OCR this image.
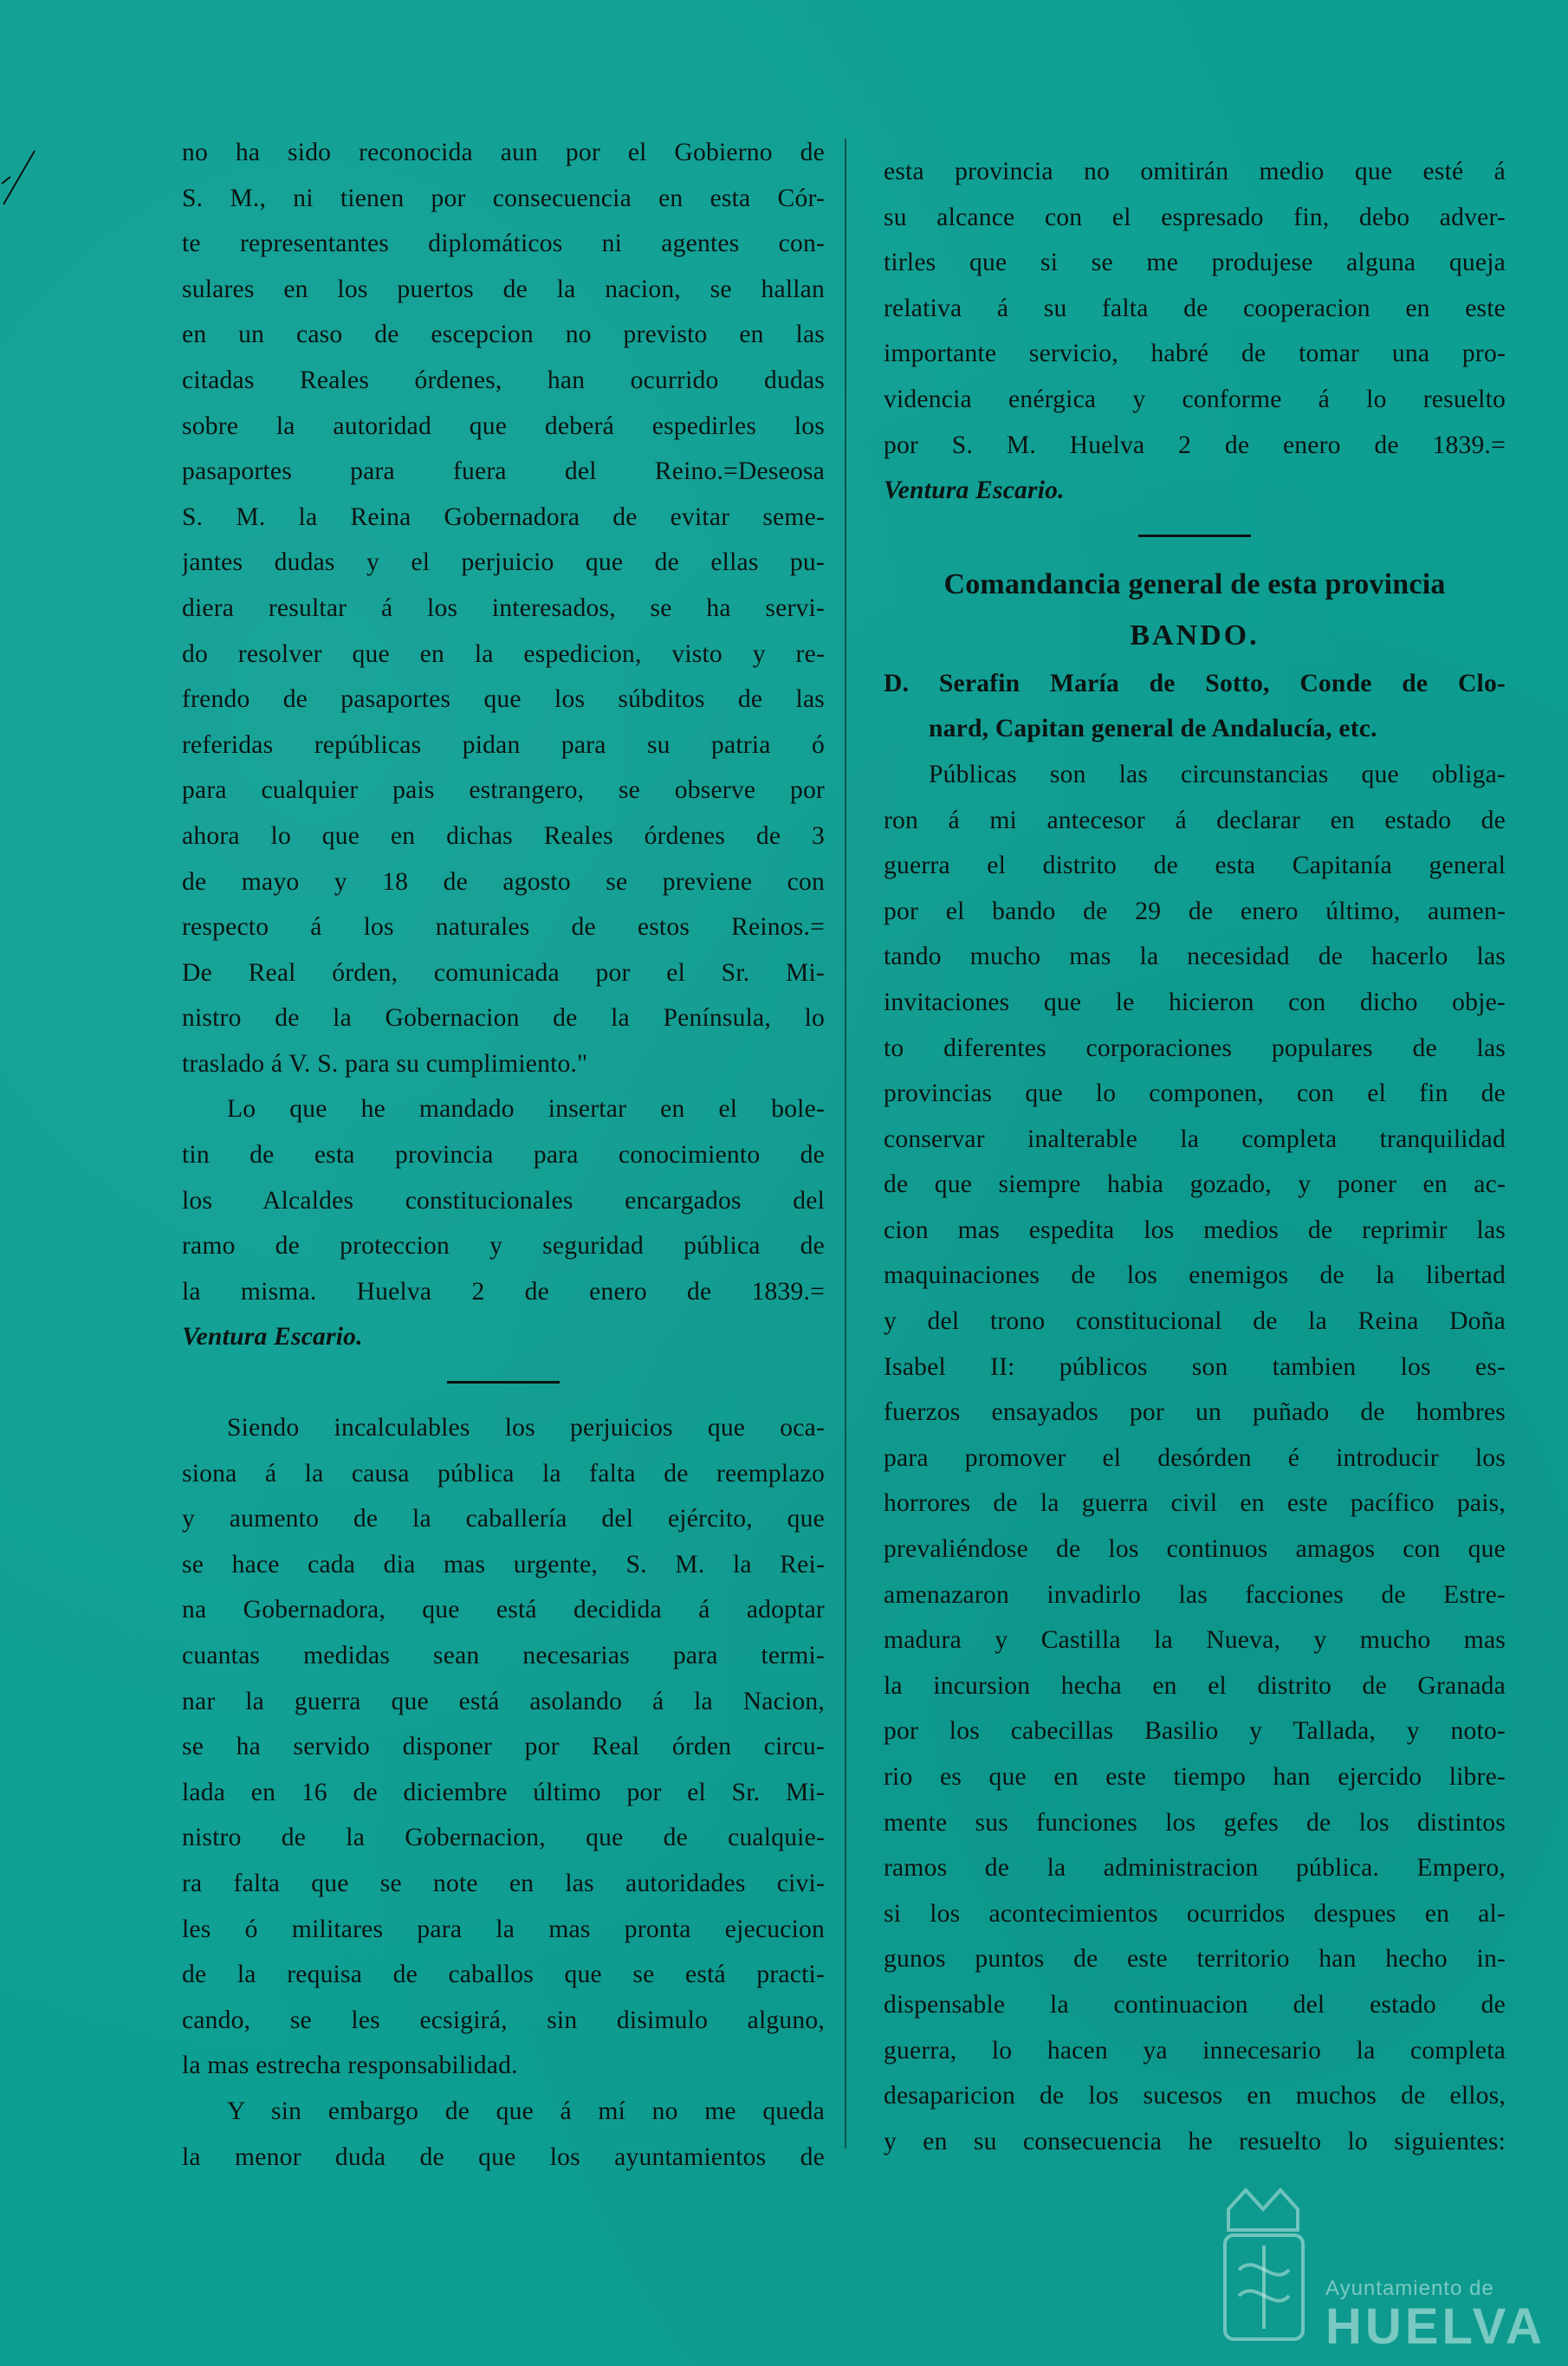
no ha sido reconocida aun por el Gobierno de
S. M., ni tienen por consecuencia en esta Cór-
te representantes diplomáticos ni agentes con-
sulares en los puertos de la nacion, se hallan
en un caso de escepcion no previsto en las
citadas Reales órdenes, han ocurrido dudas
sobre la autoridad que deberá espedirles los
pasaportes para fuera del Reino.=Deseosa
S. M. la Reina Gobernadora de evitar seme-
jantes dudas y el perjuicio que de ellas pu-
diera resultar á los interesados, se ha servi-
do resolver que en la espedicion, visto y re-
frendo de pasaportes que los súbditos de las
referidas repúblicas pidan para su patria ó
para cualquier pais estrangero, se observe por
ahora lo que en dichas Reales órdenes de 3
de mayo y 18 de agosto se previene con
respecto á los naturales de estos Reinos.=
De Real órden, comunicada por el Sr. Mi-
nistro de la Gobernacion de la Península, lo
traslado á V. S. para su cumplimiento."
Lo que he mandado insertar en el bole-
tin de esta provincia para conocimiento de
los Alcaldes constitucionales encargados del
ramo de proteccion y seguridad pública de
la misma. Huelva 2 de enero de 1839.=
Ventura Escario.
Siendo incalculables los perjuicios que oca-
siona á la causa pública la falta de reemplazo
y aumento de la caballería del ejército, que
se hace cada dia mas urgente, S. M. la Rei-
na Gobernadora, que está decidida á adoptar
cuantas medidas sean necesarias para termi-
nar la guerra que está asolando á la Nacion,
se ha servido disponer por Real órden circu-
lada en 16 de diciembre último por el Sr. Mi-
nistro de la Gobernacion, que de cualquie-
ra falta que se note en las autoridades civi-
les ó militares para la mas pronta ejecucion
de la requisa de caballos que se está practi-
cando, se les ecsigirá, sin disimulo alguno,
la mas estrecha responsabilidad.
Y sin embargo de que á mí no me queda
la menor duda de que los ayuntamientos de
esta provincia no omitirán medio que esté á
su alcance con el espresado fin, debo adver-
tirles que si se me produjese alguna queja
relativa á su falta de cooperacion en este
importante servicio, habré de tomar una pro-
videncia enérgica y conforme á lo resuelto
por S. M. Huelva 2 de enero de 1839.=
Ventura Escario.
Comandancia general de esta provincia
BANDO.
D. Serafin María de Sotto, Conde de Clo-
nard, Capitan general de Andalucía, etc.
Públicas son las circunstancias que obliga-
ron á mi antecesor á declarar en estado de
guerra el distrito de esta Capitanía general
por el bando de 29 de enero último, aumen-
tando mucho mas la necesidad de hacerlo las
invitaciones que le hicieron con dicho obje-
to diferentes corporaciones populares de las
provincias que lo componen, con el fin de
conservar inalterable la completa tranquilidad
de que siempre habia gozado, y poner en ac-
cion mas espedita los medios de reprimir las
maquinaciones de los enemigos de la libertad
y del trono constitucional de la Reina Doña
Isabel II: públicos son tambien los es-
fuerzos ensayados por un puñado de hombres
para promover el desórden é introducir los
horrores de la guerra civil en este pacífico pais,
prevaliéndose de los continuos amagos con que
amenazaron invadirlo las facciones de Estre-
madura y Castilla la Nueva, y mucho mas
la incursion hecha en el distrito de Granada
por los cabecillas Basilio y Tallada, y noto-
rio es que en este tiempo han ejercido libre-
mente sus funciones los gefes de los distintos
ramos de la administracion pública. Empero,
si los acontecimientos ocurridos despues en al-
gunos puntos de este territorio han hecho in-
dispensable la continuacion del estado de
guerra, lo hacen ya innecesario la completa
desaparicion de los sucesos en muchos de ellos,
y en su consecuencia he resuelto lo siguientes:
Ayuntamiento de
HUELVA
